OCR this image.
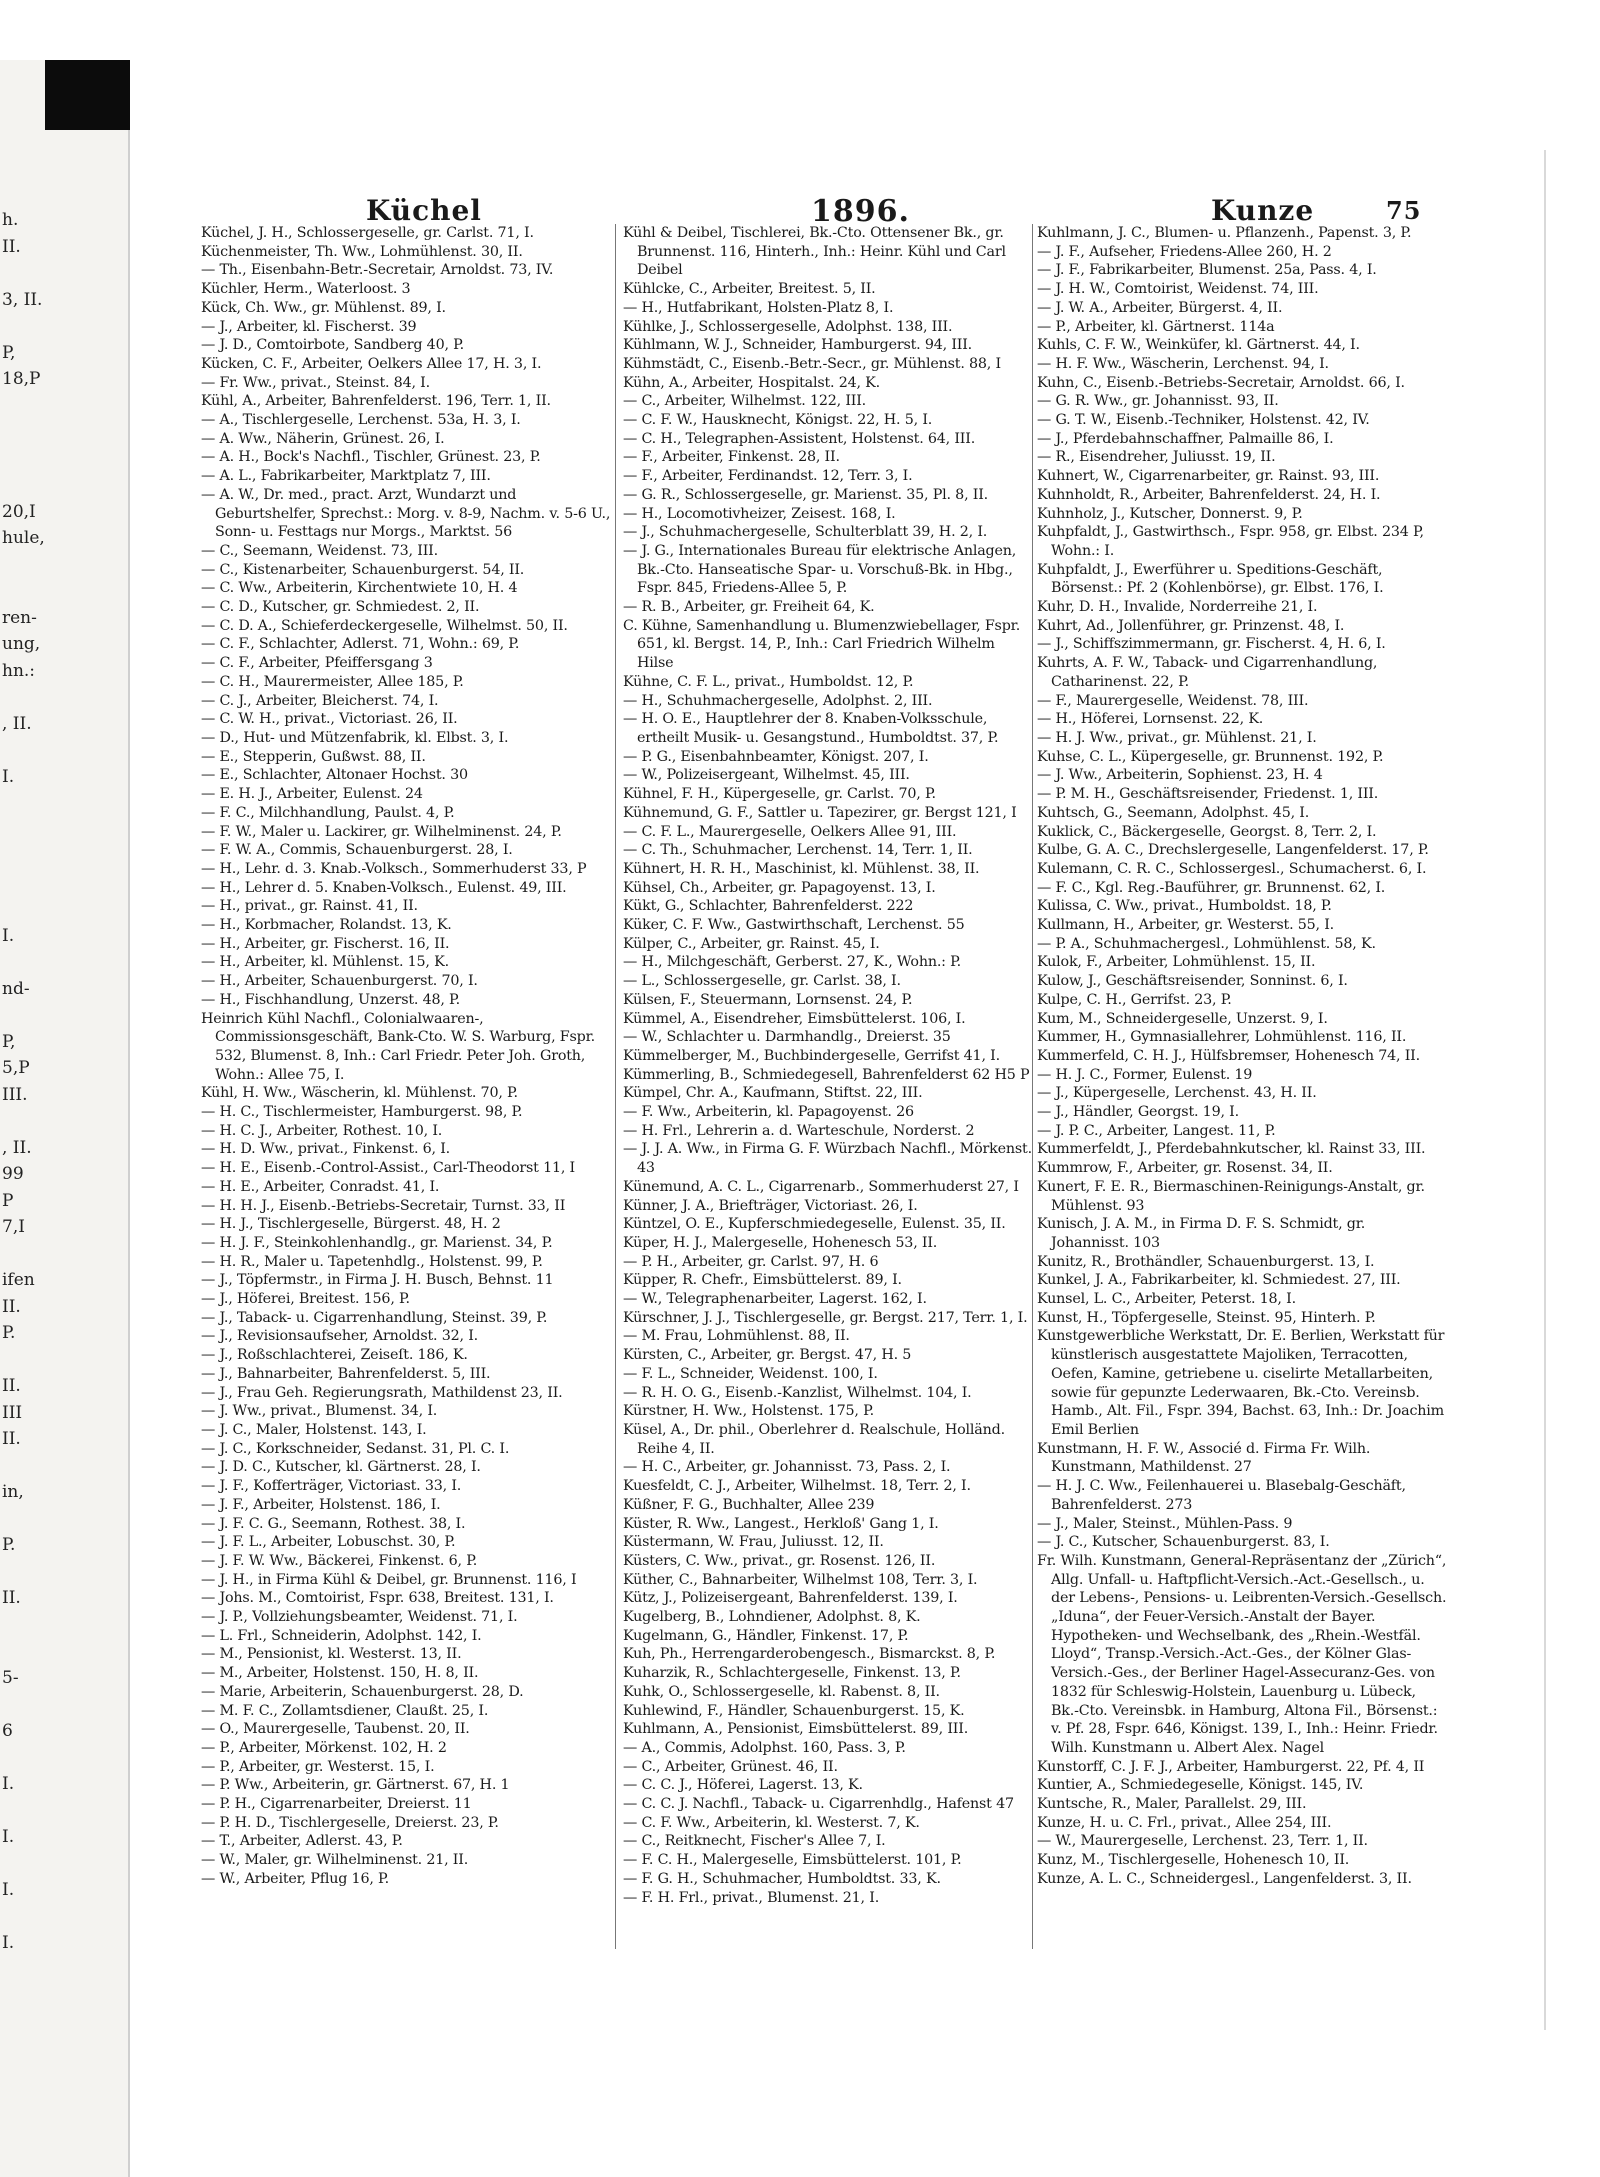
h.
II.
3, II.
P,
18,P
20,I
hule,
ren-
ung,
hn.:
, II.
I.
I.
nd-
P,
5,P
III.
, II.
99
P
7,I
ifen
II.
P.
II.
III
II.
in,
P.
II.
5-
6
I.
I.
I.
I.
Küchel	1896.	Kunze	75

Küchel, J. H., Schlossergeselle, gr. Carlst. 71, I.

Küchenmeister, Th. Ww., Lohmühlenst. 30, II.

— Th., Eisenbahn-Betr.-Secretair, Arnoldst. 73, IV.

Küchler, Herm., Waterloost. 3

Kück, Ch. Ww., gr. Mühlenst. 89, I.

— J., Arbeiter, kl. Fischerst. 39

— J. D., Comtoirbote, Sandberg 40, P.

Kücken, C. F., Arbeiter, Oelkers Allee 17, H. 3, I.

— Fr. Ww., privat., Steinst. 84, I.

Kühl, A., Arbeiter, Bahrenfelderst. 196, Terr. 1, II.

— A., Tischlergeselle, Lerchenst. 53a, H. 3, I.

— A. Ww., Näherin, Grünest. 26, I.

— A. H., Bock's Nachfl., Tischler, Grünest. 23, P.

— A. L., Fabrikarbeiter, Marktplatz 7, III.

— A. W., Dr. med., pract. Arzt, Wundarzt und Geburtshelfer, Sprechst.: Morg. v. 8-9, Nachm. v. 5-6 U., Sonn- u. Festtags nur Morgs., Marktst. 56

— C., Seemann, Weidenst. 73, III.

— C., Kistenarbeiter, Schauenburgerst. 54, II.

— C. Ww., Arbeiterin, Kirchentwiete 10, H. 4

— C. D., Kutscher, gr. Schmiedest. 2, II.

— C. D. A., Schieferdeckergeselle, Wilhelmst. 50, II.

— C. F., Schlachter, Adlerst. 71, Wohn.: 69, P.

— C. F., Arbeiter, Pfeiffersgang 3

— C. H., Maurermeister, Allee 185, P.

— C. J., Arbeiter, Bleicherst. 74, I.

— C. W. H., privat., Victoriast. 26, II.

— D., Hut- und Mützenfabrik, kl. Elbst. 3, I.

— E., Stepperin, Gußwst. 88, II.

— E., Schlachter, Altonaer Hochst. 30

— E. H. J., Arbeiter, Eulenst. 24

— F. C., Milchhandlung, Paulst. 4, P.

— F. W., Maler u. Lackirer, gr. Wilhelminenst. 24, P.

— F. W. A., Commis, Schauenburgerst. 28, I.

— H., Lehr. d. 3. Knab.-Volksch., Sommerhuderst 33, P

— H., Lehrer d. 5. Knaben-Volksch., Eulenst. 49, III.

— H., privat., gr. Rainst. 41, II.

— H., Korbmacher, Rolandst. 13, K.

— H., Arbeiter, gr. Fischerst. 16, II.

— H., Arbeiter, kl. Mühlenst. 15, K.

— H., Arbeiter, Schauenburgerst. 70, I.

— H., Fischhandlung, Unzerst. 48, P.

Heinrich Kühl Nachfl., Colonialwaaren-, Commissionsgeschäft, Bank-Cto. W. S. Warburg, Fspr. 532, Blumenst. 8, Inh.: Carl Friedr. Peter Joh. Groth, Wohn.: Allee 75, I.

Kühl, H. Ww., Wäscherin, kl. Mühlenst. 70, P.

— H. C., Tischlermeister, Hamburgerst. 98, P.

— H. C. J., Arbeiter, Rothest. 10, I.

— H. D. Ww., privat., Finkenst. 6, I.

— H. E., Eisenb.-Control-Assist., Carl-Theodorst 11, I

— H. E., Arbeiter, Conradst. 41, I.

— H. H. J., Eisenb.-Betriebs-Secretair, Turnst. 33, II

— H. J., Tischlergeselle, Bürgerst. 48, H. 2

— H. J. F., Steinkohlenhandlg., gr. Marienst. 34, P.

— H. R., Maler u. Tapetenhdlg., Holstenst. 99, P.

— J., Töpfermstr., in Firma J. H. Busch, Behnst. 11

— J., Höferei, Breitest. 156, P.

— J., Taback- u. Cigarrenhandlung, Steinst. 39, P.

— J., Revisionsaufseher, Arnoldst. 32, I.

— J., Roßschlachterei, Zeiseſt. 186, K.

— J., Bahnarbeiter, Bahrenfelderst. 5, III.

— J., Frau Geh. Regierungsrath, Mathildenst 23, II.

— J. Ww., privat., Blumenst. 34, I.

— J. C., Maler, Holstenst. 143, I.

— J. C., Korkschneider, Sedanst. 31, Pl. C. I.

— J. D. C., Kutscher, kl. Gärtnerst. 28, I.

— J. F., Kofferträger, Victoriast. 33, I.

— J. F., Arbeiter, Holstenst. 186, I.

— J. F. C. G., Seemann, Rothest. 38, I.

— J. F. L., Arbeiter, Lobuschst. 30, P.

— J. F. W. Ww., Bäckerei, Finkenst. 6, P.

— J. H., in Firma Kühl & Deibel, gr. Brunnenst. 116, I

— Johs. M., Comtoirist, Fspr. 638, Breitest. 131, I.

— J. P., Vollziehungsbeamter, Weidenst. 71, I.

— L. Frl., Schneiderin, Adolphst. 142, I.

— M., Pensionist, kl. Westerst. 13, II.

— M., Arbeiter, Holstenst. 150, H. 8, II.

— Marie, Arbeiterin, Schauenburgerst. 28, D.

— M. F. C., Zollamtsdiener, Claußt. 25, I.

— O., Maurergeselle, Taubenst. 20, II.

— P., Arbeiter, Mörkenst. 102, H. 2

— P., Arbeiter, gr. Westerst. 15, I.

— P. Ww., Arbeiterin, gr. Gärtnerst. 67, H. 1

— P. H., Cigarrenarbeiter, Dreierst. 11

— P. H. D., Tischlergeselle, Dreierst. 23, P.

— T., Arbeiter, Adlerst. 43, P.

— W., Maler, gr. Wilhelminenst. 21, II.

— W., Arbeiter, Pflug 16, P.

Kühl & Deibel, Tischlerei, Bk.-Cto. Ottensener Bk., gr. Brunnenst. 116, Hinterh., Inh.: Heinr. Kühl und Carl Deibel

Kühlcke, C., Arbeiter, Breitest. 5, II.

— H., Hutfabrikant, Holsten-Platz 8, I.

Kühlke, J., Schlossergeselle, Adolphst. 138, III.

Kühlmann, W. J., Schneider, Hamburgerst. 94, III.

Kühmstädt, C., Eisenb.-Betr.-Secr., gr. Mühlenst. 88, I

Kühn, A., Arbeiter, Hospitalst. 24, K.

— C., Arbeiter, Wilhelmst. 122, III.

— C. F. W., Hausknecht, Königst. 22, H. 5, I.

— C. H., Telegraphen-Assistent, Holstenst. 64, III.

— F., Arbeiter, Finkenst. 28, II.

— F., Arbeiter, Ferdinandst. 12, Terr. 3, I.

— G. R., Schlossergeselle, gr. Marienst. 35, Pl. 8, II.

— H., Locomotivheizer, Zeisest. 168, I.

— J., Schuhmachergeselle, Schulterblatt 39, H. 2, I.

— J. G., Internationales Bureau für elektrische Anlagen, Bk.-Cto. Hanseatische Spar- u. Vorschuß-Bk. in Hbg., Fspr. 845, Friedens-Allee 5, P.

— R. B., Arbeiter, gr. Freiheit 64, K.

C. Kühne, Samenhandlung u. Blumenzwiebellager, Fspr. 651, kl. Bergst. 14, P., Inh.: Carl Friedrich Wilhelm Hilse

Kühne, C. F. L., privat., Humboldst. 12, P.

— H., Schuhmachergeselle, Adolphst. 2, III.

— H. O. E., Hauptlehrer der 8. Knaben-Volksschule, ertheilt Musik- u. Gesangstund., Humboldtst. 37, P.

— P. G., Eisenbahnbeamter, Königst. 207, I.

— W., Polizeisergeant, Wilhelmst. 45, III.

Kühnel, F. H., Küpergeselle, gr. Carlst. 70, P.

Kühnemund, G. F., Sattler u. Tapezirer, gr. Bergst 121, I

— C. F. L., Maurergeselle, Oelkers Allee 91, III.

— C. Th., Schuhmacher, Lerchenst. 14, Terr. 1, II.

Kühnert, H. R. H., Maschinist, kl. Mühlenst. 38, II.

Kühsel, Ch., Arbeiter, gr. Papagoyenst. 13, I.

Kükt, G., Schlachter, Bahrenfelderst. 222

Küker, C. F. Ww., Gastwirthschaft, Lerchenst. 55

Külper, C., Arbeiter, gr. Rainst. 45, I.

— H., Milchgeschäft, Gerberst. 27, K., Wohn.: P.

— L., Schlossergeselle, gr. Carlst. 38, I.

Külsen, F., Steuermann, Lornsenst. 24, P.

Kümmel, A., Eisendreher, Eimsbüttelerst. 106, I.

— W., Schlachter u. Darmhandlg., Dreierst. 35

Kümmelberger, M., Buchbindergeselle, Gerrifst 41, I.

Kümmerling, B., Schmiedegesell, Bahrenfelderst 62 H5 P

Kümpel, Chr. A., Kaufmann, Stiftst. 22, III.

— F. Ww., Arbeiterin, kl. Papagoyenst. 26

— H. Frl., Lehrerin a. d. Warteschule, Norderst. 2

— J. J. A. Ww., in Firma G. F. Würzbach Nachfl., Mörkenst. 43

Künemund, A. C. L., Cigarrenarb., Sommerhuderst 27, I

Künner, J. A., Briefträger, Victoriast. 26, I.

Küntzel, O. E., Kupferschmiedegeselle, Eulenst. 35, II.

Küper, H. J., Malergeselle, Hohenesch 53, II.

— P. H., Arbeiter, gr. Carlst. 97, H. 6

Küpper, R. Chefr., Eimsbüttelerst. 89, I.

— W., Telegraphenarbeiter, Lagerst. 162, I.

Kürschner, J. J., Tischlergeselle, gr. Bergst. 217, Terr. 1, I.

— M. Frau, Lohmühlenst. 88, II.

Kürsten, C., Arbeiter, gr. Bergst. 47, H. 5

— F. L., Schneider, Weidenst. 100, I.

— R. H. O. G., Eisenb.-Kanzlist, Wilhelmst. 104, I.

Kürstner, H. Ww., Holstenst. 175, P.

Küsel, A., Dr. phil., Oberlehrer d. Realschule, Holländ. Reihe 4, II.

— H. C., Arbeiter, gr. Johannisst. 73, Pass. 2, I.

Kuesfeldt, C. J., Arbeiter, Wilhelmst. 18, Terr. 2, I.

Küßner, F. G., Buchhalter, Allee 239

Küster, R. Ww., Langest., Herkloß' Gang 1, I.

Küstermann, W. Frau, Juliusst. 12, II.

Küsters, C. Ww., privat., gr. Rosenst. 126, II.

Küther, C., Bahnarbeiter, Wilhelmst 108, Terr. 3, I.

Kütz, J., Polizeisergeant, Bahrenfelderst. 139, I.

Kugelberg, B., Lohndiener, Adolphst. 8, K.

Kugelmann, G., Händler, Finkenst. 17, P.

Kuh, Ph., Herrengarderobengesch., Bismarckst. 8, P.

Kuharzik, R., Schlachtergeselle, Finkenst. 13, P.

Kuhk, O., Schlossergeselle, kl. Rabenst. 8, II.

Kuhlewind, F., Händler, Schauenburgerst. 15, K.

Kuhlmann, A., Pensionist, Eimsbüttelerst. 89, III.

— A., Commis, Adolphst. 160, Pass. 3, P.

— C., Arbeiter, Grünest. 46, II.

— C. C. J., Höferei, Lagerst. 13, K.

— C. C. J. Nachfl., Taback- u. Cigarrenhdlg., Hafenst 47

— C. F. Ww., Arbeiterin, kl. Westerst. 7, K.

— C., Reitknecht, Fischer's Allee 7, I.

— F. C. H., Malergeselle, Eimsbüttelerst. 101, P.

— F. G. H., Schuhmacher, Humboldtst. 33, K.

— F. H. Frl., privat., Blumenst. 21, I.

Kuhlmann, J. C., Blumen- u. Pflanzenh., Papenst. 3, P.

— J. F., Aufseher, Friedens-Allee 260, H. 2

— J. F., Fabrikarbeiter, Blumenst. 25a, Pass. 4, I.

— J. H. W., Comtoirist, Weidenst. 74, III.

— J. W. A., Arbeiter, Bürgerst. 4, II.

— P., Arbeiter, kl. Gärtnerst. 114a

Kuhls, C. F. W., Weinküfer, kl. Gärtnerst. 44, I.

— H. F. Ww., Wäscherin, Lerchenst. 94, I.

Kuhn, C., Eisenb.-Betriebs-Secretair, Arnoldst. 66, I.

— G. R. Ww., gr. Johannisst. 93, II.

— G. T. W., Eisenb.-Techniker, Holstenst. 42, IV.

— J., Pferdebahnschaffner, Palmaille 86, I.

— R., Eisendreher, Juliusst. 19, II.

Kuhnert, W., Cigarrenarbeiter, gr. Rainst. 93, III.

Kuhnholdt, R., Arbeiter, Bahrenfelderst. 24, H. I.

Kuhnholz, J., Kutscher, Donnerst. 9, P.

Kuhpfaldt, J., Gastwirthsch., Fspr. 958, gr. Elbst. 234 P, Wohn.: I.

Kuhpfaldt, J., Ewerführer u. Speditions-Geschäft, Börsenst.: Pf. 2 (Kohlenbörse), gr. Elbst. 176, I.

Kuhr, D. H., Invalide, Norderreihe 21, I.

Kuhrt, Ad., Jollenführer, gr. Prinzenst. 48, I.

— J., Schiffszimmermann, gr. Fischerst. 4, H. 6, I.

Kuhrts, A. F. W., Taback- und Cigarrenhandlung, Catharinenst. 22, P.

— F., Maurergeselle, Weidenst. 78, III.

— H., Höferei, Lornsenst. 22, K.

— H. J. Ww., privat., gr. Mühlenst. 21, I.

Kuhse, C. L., Küpergeselle, gr. Brunnenst. 192, P.

— J. Ww., Arbeiterin, Sophienst. 23, H. 4

— P. M. H., Geschäftsreisender, Friedenst. 1, III.

Kuhtsch, G., Seemann, Adolphst. 45, I.

Kuklick, C., Bäckergeselle, Georgst. 8, Terr. 2, I.

Kulbe, G. A. C., Drechslergeselle, Langenfelderst. 17, P.

Kulemann, C. R. C., Schlossergesl., Schumacherst. 6, I.

— F. C., Kgl. Reg.-Bauführer, gr. Brunnenst. 62, I.

Kulissa, C. Ww., privat., Humboldst. 18, P.

Kullmann, H., Arbeiter, gr. Westerst. 55, I.

— P. A., Schuhmachergesl., Lohmühlenst. 58, K.

Kulok, F., Arbeiter, Lohmühlenst. 15, II.

Kulow, J., Geschäftsreisender, Sonninst. 6, I.

Kulpe, C. H., Gerrifst. 23, P.

Kum, M., Schneidergeselle, Unzerst. 9, I.

Kummer, H., Gymnasiallehrer, Lohmühlenst. 116, II.

Kummerfeld, C. H. J., Hülfsbremser, Hohenesch 74, II.

— H. J. C., Former, Eulenst. 19

— J., Küpergeselle, Lerchenst. 43, H. II.

— J., Händler, Georgst. 19, I.

— J. P. C., Arbeiter, Langest. 11, P.

Kummerfeldt, J., Pferdebahnkutscher, kl. Rainst 33, III.

Kummrow, F., Arbeiter, gr. Rosenst. 34, II.

Kunert, F. E. R., Biermaschinen-Reinigungs-Anstalt, gr. Mühlenst. 93

Kunisch, J. A. M., in Firma D. F. S. Schmidt, gr. Johannisst. 103

Kunitz, R., Brothändler, Schauenburgerst. 13, I.

Kunkel, J. A., Fabrikarbeiter, kl. Schmiedest. 27, III.

Kunsel, L. C., Arbeiter, Peterst. 18, I.

Kunst, H., Töpfergeselle, Steinst. 95, Hinterh. P.

Kunstgewerbliche Werkstatt, Dr. E. Berlien, Werkstatt für künstlerisch ausgestattete Majoliken, Terracotten, Oefen, Kamine, getriebene u. ciselirte Metallarbeiten, sowie für gepunzte Lederwaaren, Bk.-Cto. Vereinsb. Hamb., Alt. Fil., Fspr. 394, Bachst. 63, Inh.: Dr. Joachim Emil Berlien

Kunstmann, H. F. W., Associé d. Firma Fr. Wilh. Kunstmann, Mathildenst. 27

— H. J. C. Ww., Feilenhauerei u. Blasebalg-Geschäft, Bahrenfelderst. 273

— J., Maler, Steinst., Mühlen-Pass. 9

— J. C., Kutscher, Schauenburgerst. 83, I.

Fr. Wilh. Kunstmann, General-Repräsentanz der „Zürich“, Allg. Unfall- u. Haftpflicht-Versich.-Act.-Gesellsch., u. der Lebens-, Pensions- u. Leibrenten-Versich.-Gesellsch. „Iduna“, der Feuer-Versich.-Anstalt der Bayer. Hypotheken- und Wechselbank, des „Rhein.-Westfäl. Lloyd“, Transp.-Versich.-Act.-Ges., der Kölner Glas-Versich.-Ges., der Berliner Hagel-Assecuranz-Ges. von 1832 für Schleswig-Holstein, Lauenburg u. Lübeck, Bk.-Cto. Vereinsbk. in Hamburg, Altona Fil., Börsenst.: v. Pf. 28, Fspr. 646, Königst. 139, I., Inh.: Heinr. Friedr. Wilh. Kunstmann u. Albert Alex. Nagel

Kunstorff, C. J. F. J., Arbeiter, Hamburgerst. 22, Pf. 4, II

Kuntier, A., Schmiedegeselle, Königst. 145, IV.

Kuntsche, R., Maler, Parallelst. 29, III.

Kunze, H. u. C. Frl., privat., Allee 254, III.

— W., Maurergeselle, Lerchenst. 23, Terr. 1, II.

Kunz, M., Tischlergeselle, Hohenesch 10, II.

Kunze, A. L. C., Schneidergesl., Langenfelderst. 3, II.
